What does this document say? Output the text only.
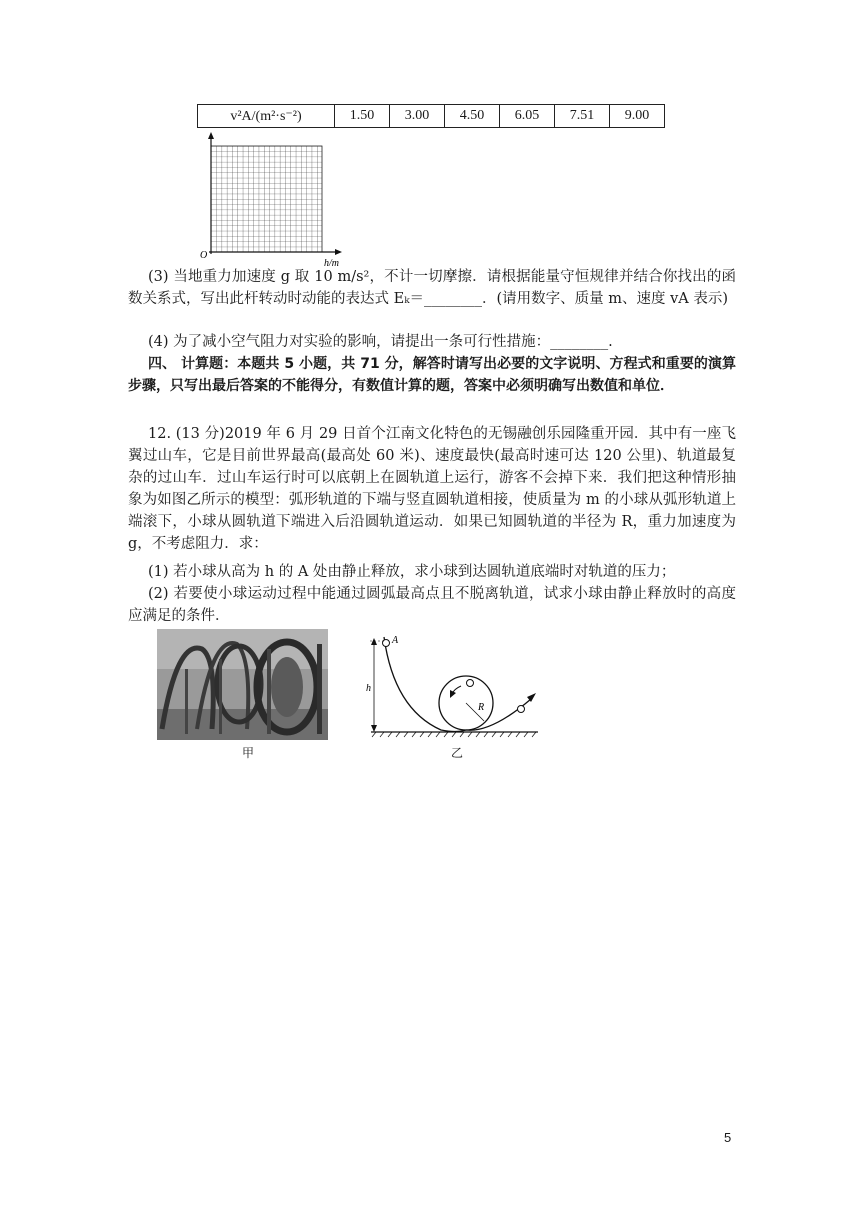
v²A/(m²·s⁻²)	1.50	3.00	4.50	6.05	7.51	9.00
O
h/m

(3) 当地重力加速度 g 取 10 m/s²，不计一切摩擦．请根据能量守恒规律并结合你找出的函数关系式，写出此杆转动时动能的表达式 Eₖ＝________．(请用数字、质量 m、速度 vA 表示)

(4) 为了减小空气阻力对实验的影响，请提出一条可行性措施：________.

四、 计算题：本题共 5 小题，共 71 分，解答时请写出必要的文字说明、方程式和重要的演算步骤，只写出最后答案的不能得分，有数值计算的题，答案中必须明确写出数值和单位．

12. (13 分)2019 年 6 月 29 日首个江南文化特色的无锡融创乐园隆重开园．其中有一座飞翼过山车，它是目前世界最高(最高处 60 米)、速度最快(最高时速可达 120 公里)、轨道最复杂的过山车．过山车运行时可以底朝上在圆轨道上运行，游客不会掉下来．我们把这种情形抽象为如图乙所示的模型：弧形轨道的下端与竖直圆轨道相接，使质量为 m 的小球从弧形轨道上端滚下，小球从圆轨道下端进入后沿圆轨道运动．如果已知圆轨道的半径为 R，重力加速度为 g，不考虑阻力．求：

(1) 若小球从高为 h 的 A 处由静止释放，求小球到达圆轨道底端时对轨道的压力；

(2) 若要使小球运动过程中能通过圆弧最高点且不脱离轨道，试求小球由静止释放时的高度应满足的条件．

甲
R
A
h
乙
5
